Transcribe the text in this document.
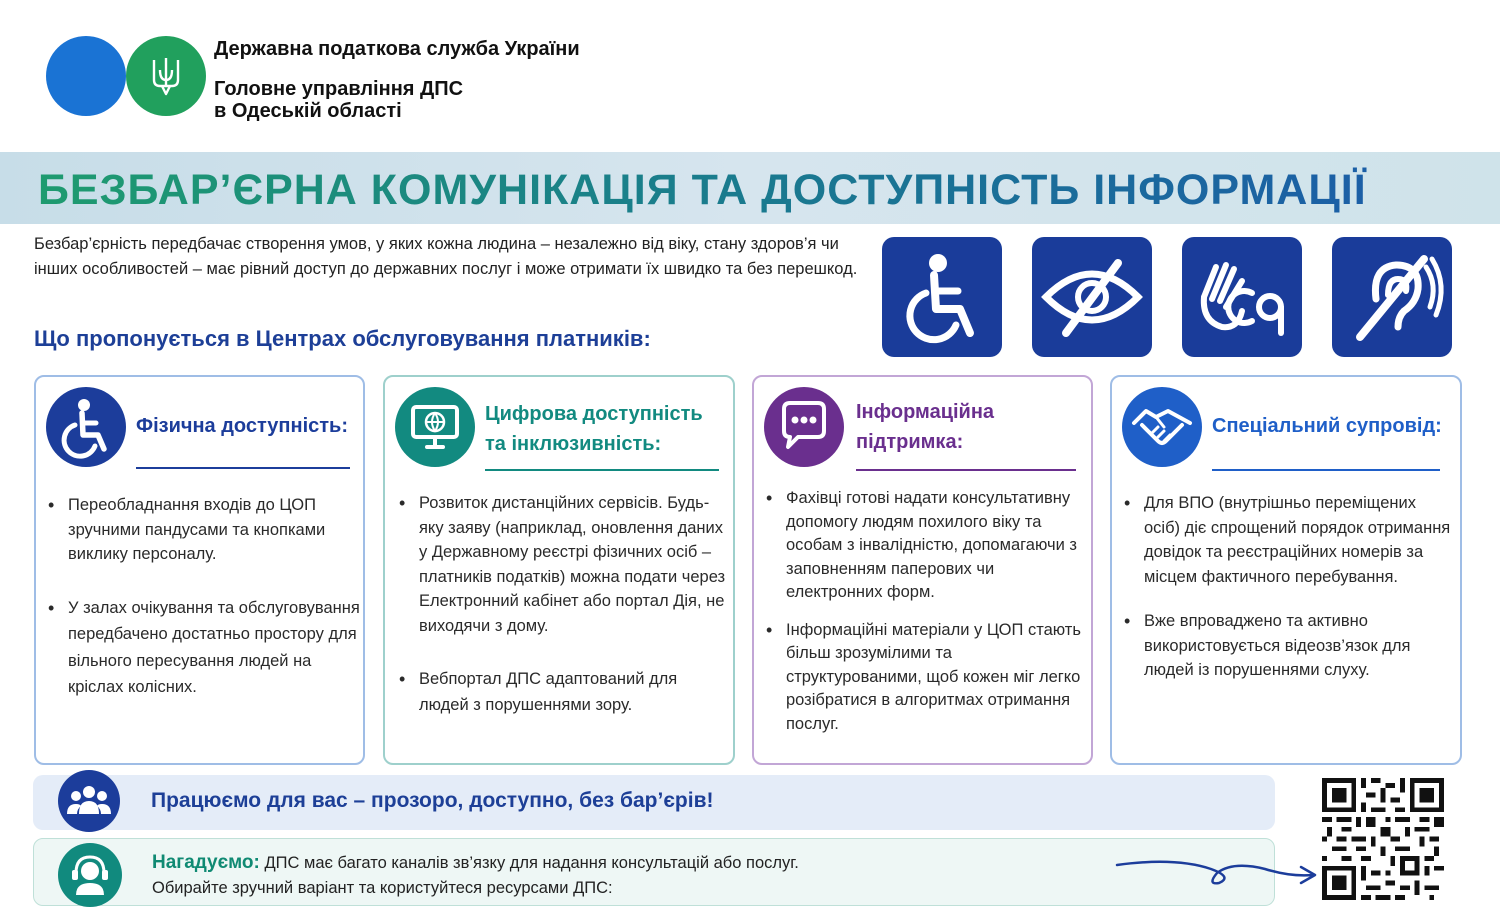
Державна податкова служба України
Головне управління ДПС
в Одеській області
БЕЗБАР’ЄРНА КОМУНІКАЦІЯ ТА ДОСТУПНІСТЬ ІНФОРМАЦІЇ

Безбар’єрність передбачає створення умов, у яких кожна людина – незалежно від віку, стану здоров’я чи інших особливостей – має рівний доступ до державних послуг і може отримати їх швидко та без перешкод.

Що пропонується в Центрах обслуговування платників:
Фізична доступність:
• Переобладнання входів до ЦОП зручними пандусами та кнопками виклику персоналу.
• У залах очікування та обслуговування передбачено достатньо простору для вільного пересування людей на кріслах колісних.
Цифрова доступність
та інклюзивність:
• Розвиток дистанційних сервісів. Будь-яку заяву (наприклад, оновлення даних у Державному реєстрі фізичних осіб – платників податків) можна подати через Електронний кабінет або портал Дія, не виходячи з дому.
• Вебпортал ДПС адаптований для людей з порушеннями зору.
Інформаційна
підтримка:
• Фахівці готові надати консультативну допомогу людям похилого віку та особам з інвалідністю, допомагаючи з заповненням паперових чи електронних форм.
• Інформаційні матеріали у ЦОП стають більш зрозумілими та структурованими, щоб кожен міг легко розібратися в алгоритмах отримання послуг.
Спеціальний супровід:
• Для ВПО (внутрішньо переміщених осіб) діє спрощений порядок отримання довідок та реєстраційних номерів за місцем фактичного перебування.
• Вже впроваджено та активно використовується відеозв’язок для людей із порушеннями слуху.
Працюємо для вас – прозоро, доступно, без бар’єрів!
Нагадуємо: ДПС має багато каналів зв’язку для надання консультацій або послуг.
Обирайте зручний варіант та користуйтеся ресурсами ДПС:
